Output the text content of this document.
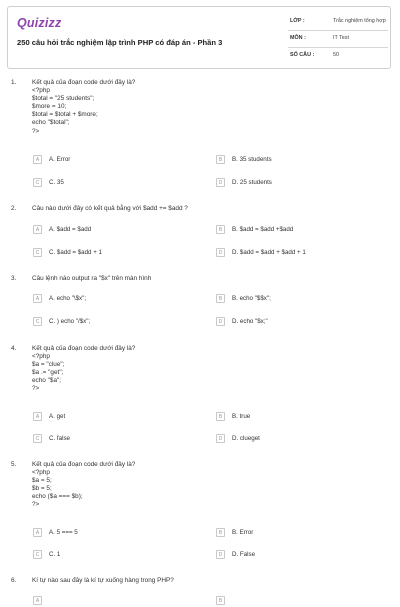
Quizizz
250 câu hỏi trắc nghiệm lập trình PHP có đáp án - Phần 3
LỚP :	Trắc nghiệm tổng hợp
MÔN :	IT Test
SỐ CÂU :	50
1. Kết quả của đoạn code dưới đây là?
<?php
$total = "25 students";
$more = 10;
$total = $total + $more;
echo "$total";
?>
A	A. Error	B	B. 35 students
C	C. 35	D	D. 25 students
2. Câu nào dưới đây có kết quả bằng với $add += $add ?
A	A. $add = $add	B	B. $add = $add +$add
C	C. $add = $add + 1	D	D. $add = $add + $add + 1
3. Câu lệnh nào output ra "$x" trên màn hình
A	A. echo "\$x";	B	B. echo "$$x";
C	C. ) echo "/$x";	D	D. echo "$x;"
4. Kết quả của đoạn code dưới đây là?
<?php
$a = "clue";
$a .= "get";
echo "$a";
?>
A	A. get	B	B. true
C	C. false	D	D. clueget
5. Kết quả của đoạn code dưới đây là?
<?php
$a = 5;
$b = 5;
echo ($a === $b);
?>
A	A. 5 === 5	B	B. Error
C	C. 1	D	D. False
6. Kí tự nào sau đây là kí tự xuống hàng trong PHP?
A	B
